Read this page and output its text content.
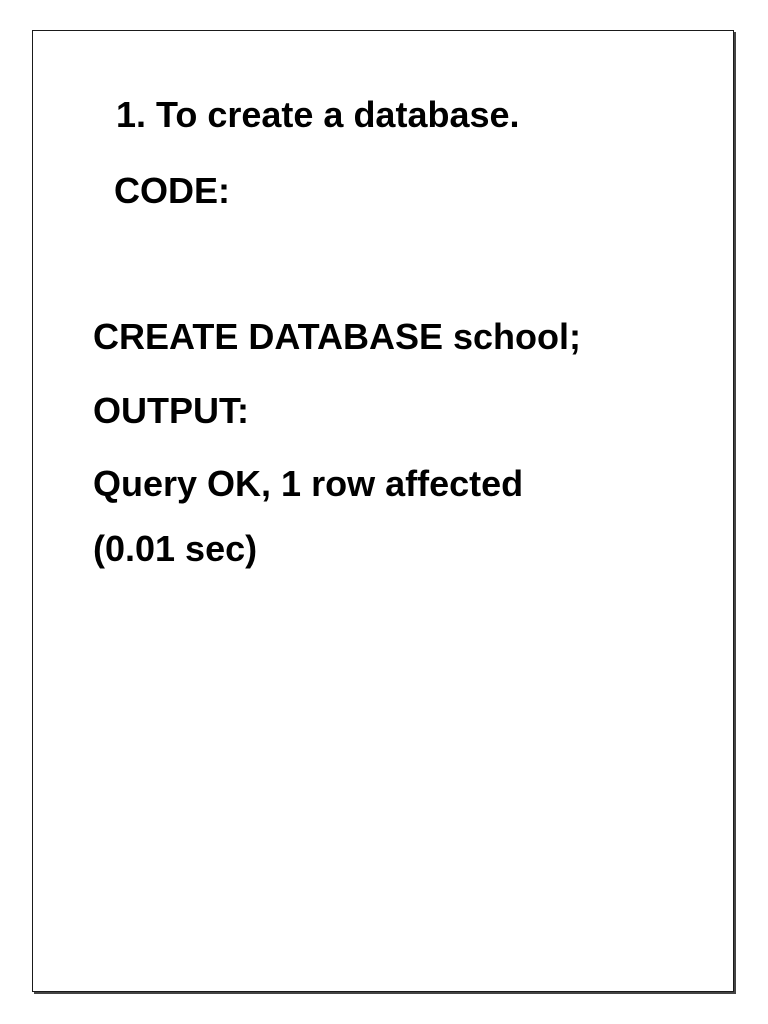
1. To create a database.
CODE:
CREATE DATABASE school;
OUTPUT:
Query OK, 1 row affected
(0.01 sec)
